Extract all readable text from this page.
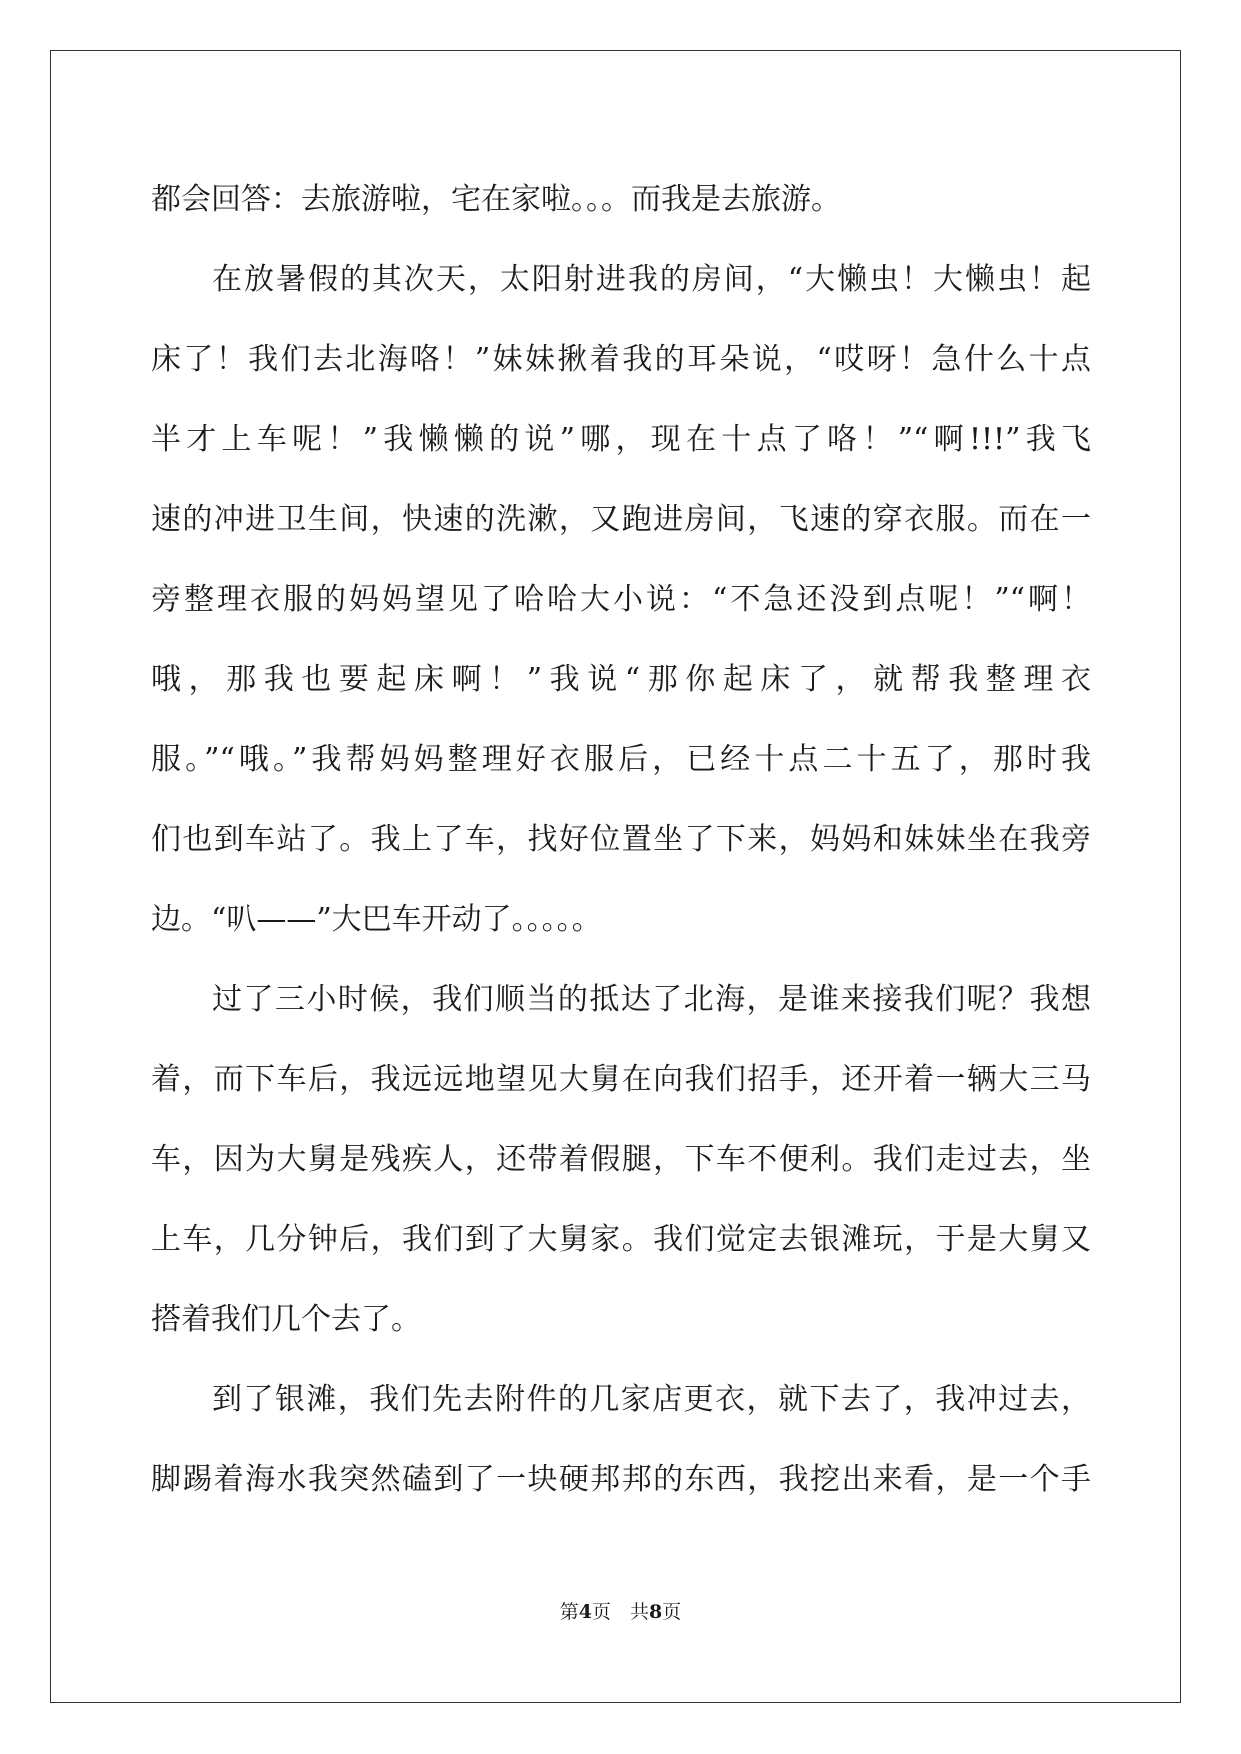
都会回答：去旅游啦，宅在家啦。。。而我是去旅游。

在放暑假的其次天，太阳射进我的房间，“大懒虫！大懒虫！起

床了！我们去北海咯！”妹妹揪着我的耳朵说，“哎呀！急什么十点

半才上车呢！”我懒懒的说”哪，现在十点了咯！”“啊!!!”我飞

速的冲进卫生间，快速的洗漱，又跑进房间，飞速的穿衣服。而在一

旁整理衣服的妈妈望见了哈哈大小说：“不急还没到点呢！”“啊！

哦，那我也要起床啊！”我说“那你起床了，就帮我整理衣

服。”“哦。”我帮妈妈整理好衣服后，已经十点二十五了，那时我

们也到车站了。我上了车，找好位置坐了下来，妈妈和妹妹坐在我旁

边。“叭——”大巴车开动了。。。。。

过了三小时候，我们顺当的抵达了北海，是谁来接我们呢？我想

着，而下车后，我远远地望见大舅在向我们招手，还开着一辆大三马

车，因为大舅是残疾人，还带着假腿，下车不便利。我们走过去，坐

上车，几分钟后，我们到了大舅家。我们觉定去银滩玩，于是大舅又

搭着我们几个去了。

到了银滩，我们先去附件的几家店更衣，就下去了，我冲过去，

脚踢着海水我突然磕到了一块硬邦邦的东西，我挖出来看，是一个手

第4页　共8页
